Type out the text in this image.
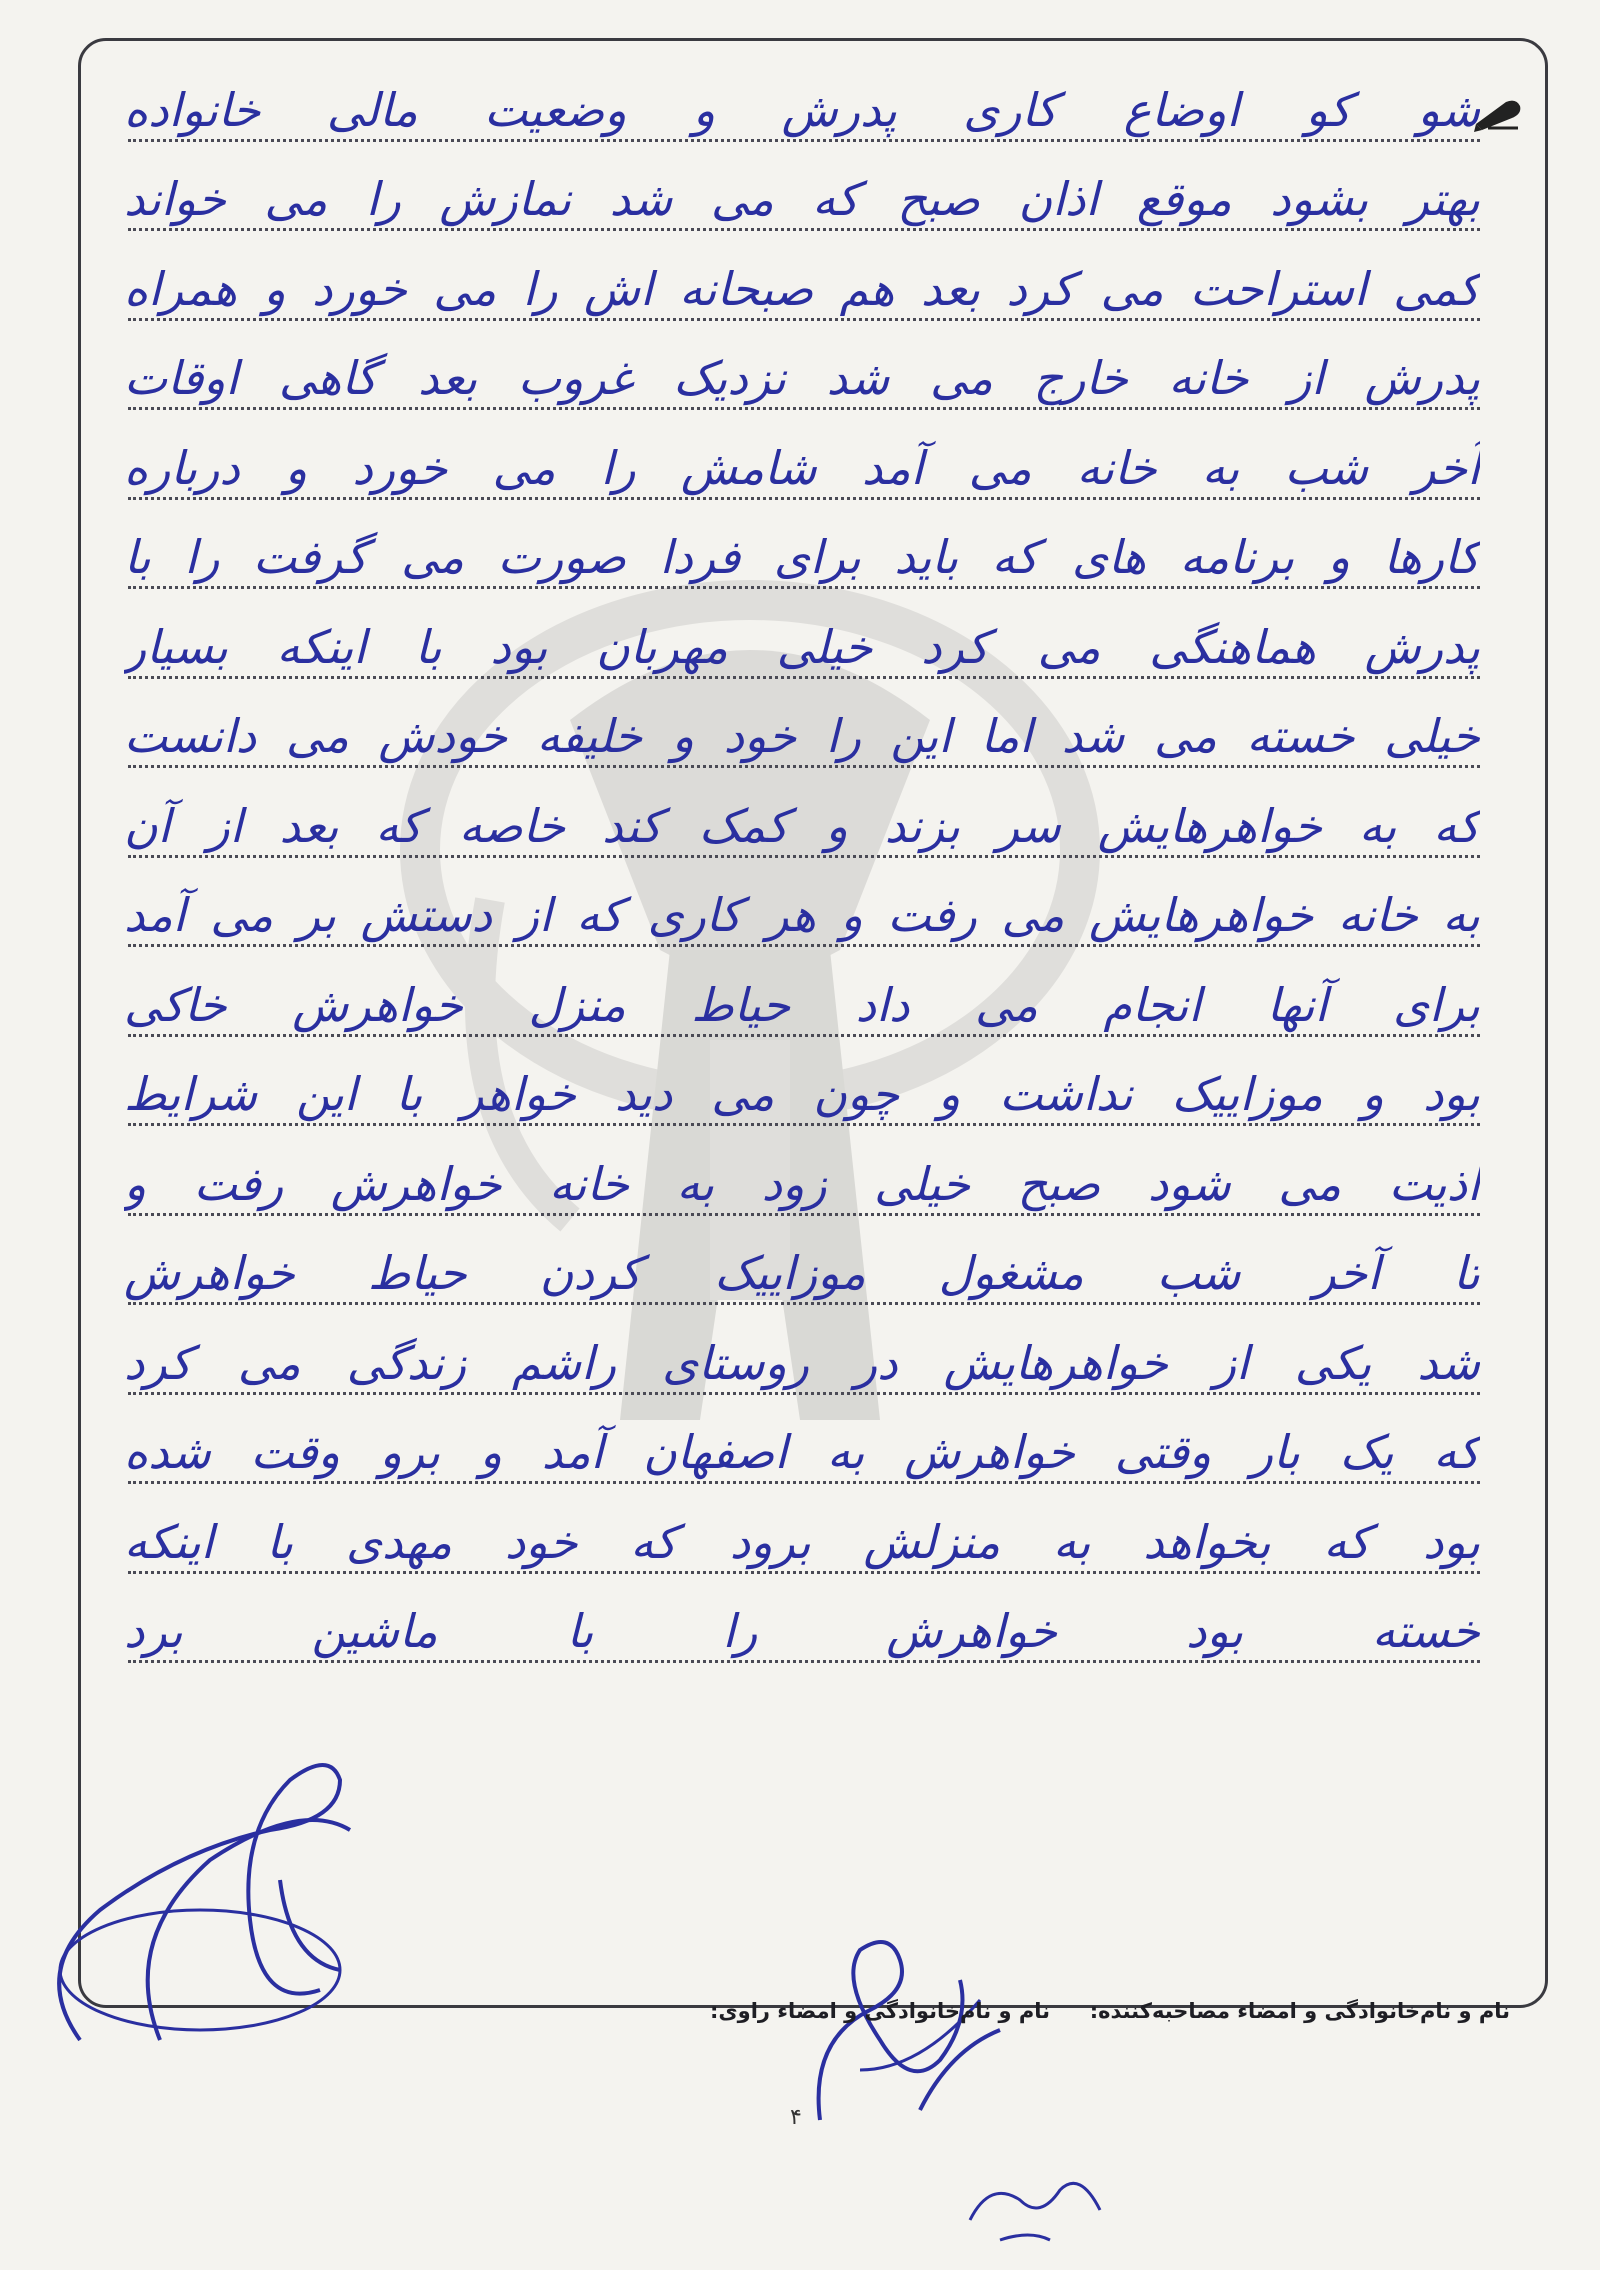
شو کو اوضاع کاری پدرش و وضعیت مالی خانواده
بهتر بشود موقع اذان صبح که می شد نمازش را می خواند
کمی استراحت می کرد بعد هم صبحانه اش را می خورد و همراه
پدرش از خانه خارج می شد نزدیک غروب بعد گاهی اوقات
آخر شب به خانه می آمد شامش را می خورد و درباره
کارها و برنامه های که باید برای فردا صورت می گرفت را با
پدرش هماهنگی می کرد خیلی مهربان بود با اینکه بسیار
خیلی خسته می شد اما این را خود و خلیفه خودش می دانست
که به خواهرهایش سر بزند و کمک کند خاصه که بعد از آن
به خانه خواهرهایش می رفت و هر کاری که از دستش بر می آمد
برای آنها انجام می داد حیاط منزل خواهرش خاکی
بود و موزاییک نداشت و چون می دید خواهر با این شرایط
اذیت می شود صبح خیلی زود به خانه خواهرش رفت و
تا آخر شب مشغول موزاییک کردن حیاط خواهرش
شد یکی از خواهرهایش در روستای راشم زندگی می کرد
که یک بار وقتی خواهرش به اصفهان آمد و برو وقت شده
بود که بخواهد به منزلش برود که خود مهدی با اینکه
خسته بود خواهرش را با ماشین برد
نام و نام‌خانوادگی و امضاء مصاحبه‌کننده:
نام و نام‌خانوادگی و امضاء راوی:
۴
